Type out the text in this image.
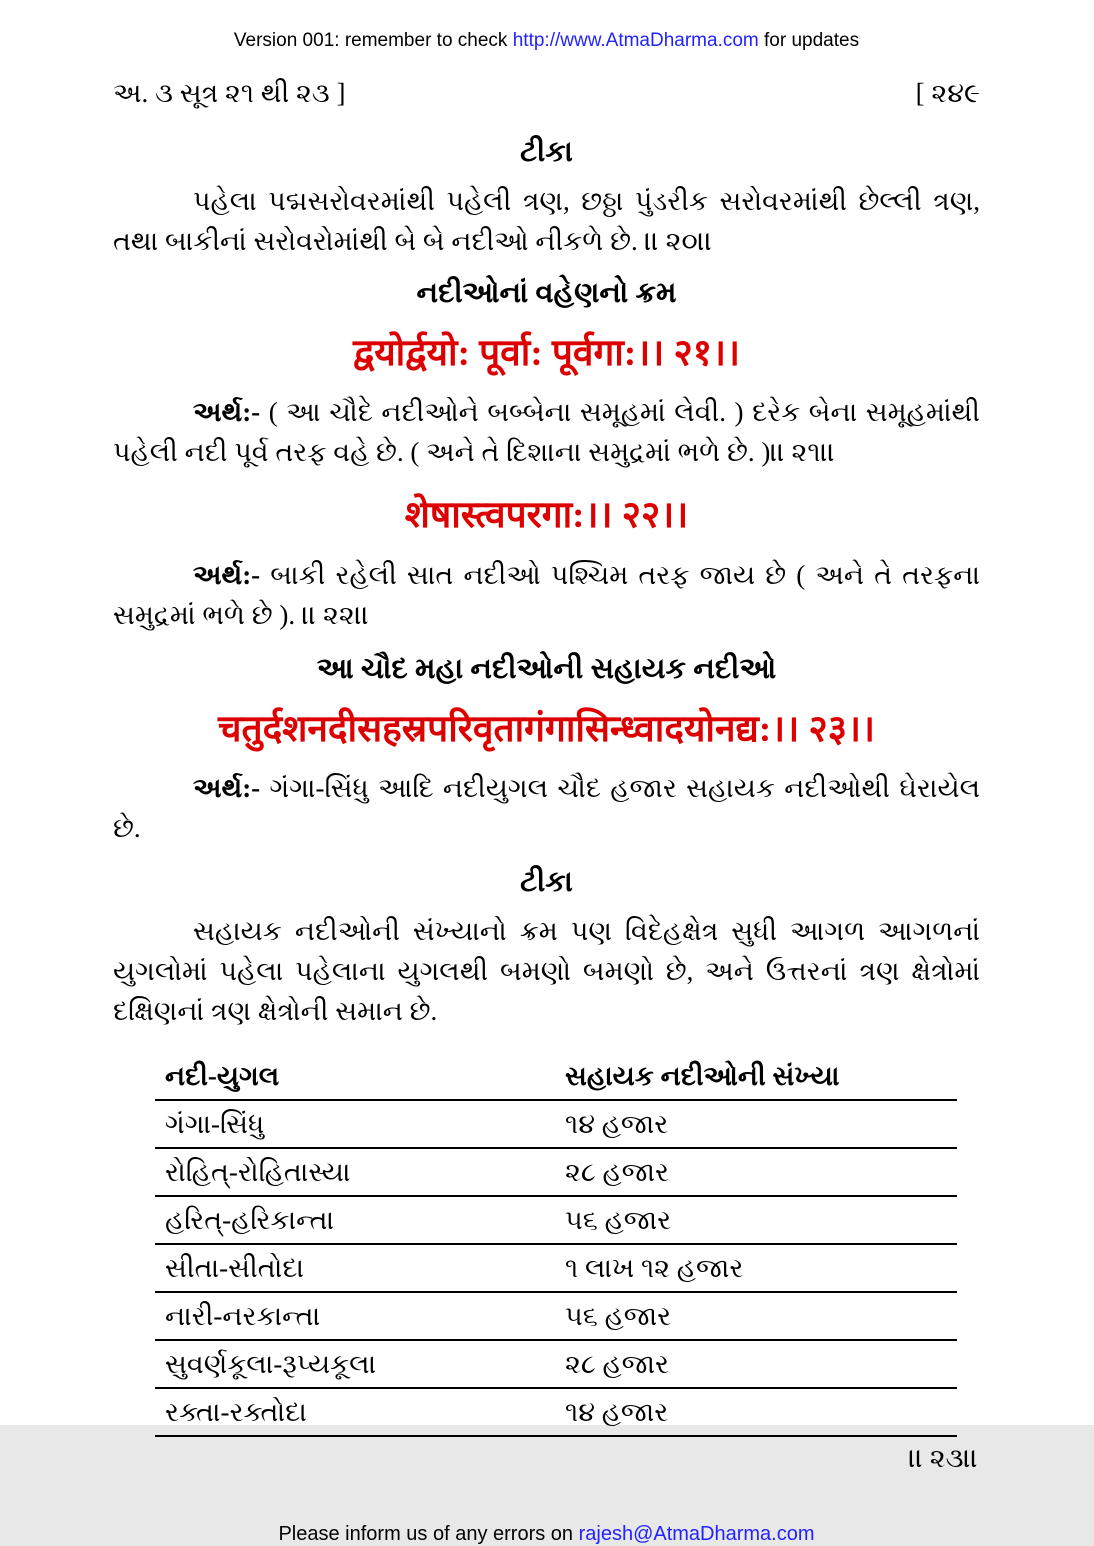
Version 001: remember to check http://www.AtmaDharma.com for updates
અ. ૩ સૂત્ર ૨૧ થી ૨૩ ]	[ ૨૪૯
ટીકા
પહેલા પદ્મસરોવરમાંથી પહેલી ત્રણ, છઠ્ઠા પુંડરીક સરોવરમાંથી છેલ્લી ત્રણ, તથા બાકીનાં સરોવરોમાંથી બે બે નદીઓ નીકળે છે. ।। ૨૦।।
નદીઓનાં વહેણનો ક્રમ
द्वयोर्द्वयो: पूर्वा: पूर्वगा:।। २१।।
અર્થ:- ( આ ચૌદે નદીઓને બબ્બેના સમૂહમાં લેવી. ) દરેક બેના સમૂહમાંથી પહેલી નદી પૂર્વ તરફ વહે છે. ( અને તે દિશાના સમુદ્રમાં ભળે છે. )।। ૨૧।।
शेषास्त्वपरगा:।। २२।।
અર્થ:- બાકી રહેલી સાત નદીઓ પશ્ચિમ તરફ જાય છે ( અને તે તરફના સમુદ્રમાં ભળે છે ). ।। ૨૨।।
આ ચૌદ મહા નદીઓની સહાયક નદીઓ
चतुर्दशनदीसहस्रपरिवृतागंगासिन्ध्वादयोनद्य:।। २३।।
અર્થ:- ગંગા-સિંધુ આદિ નદીયુગલ ચૌદ હજાર સહાયક નદીઓથી ઘેરાયેલ છે.
ટીકા
સહાયક નદીઓની સંખ્યાનો ક્રમ પણ વિદેહક્ષેત્ર સુધી આગળ આગળનાં યુગલોમાં પહેલા પહેલાના યુગલથી બમણો બમણો છે, અને ઉત્તરનાં ત્રણ ક્ષેત્રોમાં દક્ષિણનાં ત્રણ ક્ષેત્રોની સમાન છે.
નદી-યુગલ	સહાયક નદીઓની સંખ્યા
ગંગા-સિંધુ	૧૪ હજાર
રોહિત્-રોહિતાસ્યા	૨૮ હજાર
હરિત્-હરિકાન્તા	૫૬ હજાર
સીતા-સીતોદા	૧ લાખ ૧૨ હજાર
નારી-નરકાન્તા	૫૬ હજાર
સુવર્ણકૂલા-રૂપ્યકૂલા	૨૮ હજાર
રક્તા-રક્તોદા	૧૪ હજાર
।। ૨૩।।
Please inform us of any errors on rajesh@AtmaDharma.com
